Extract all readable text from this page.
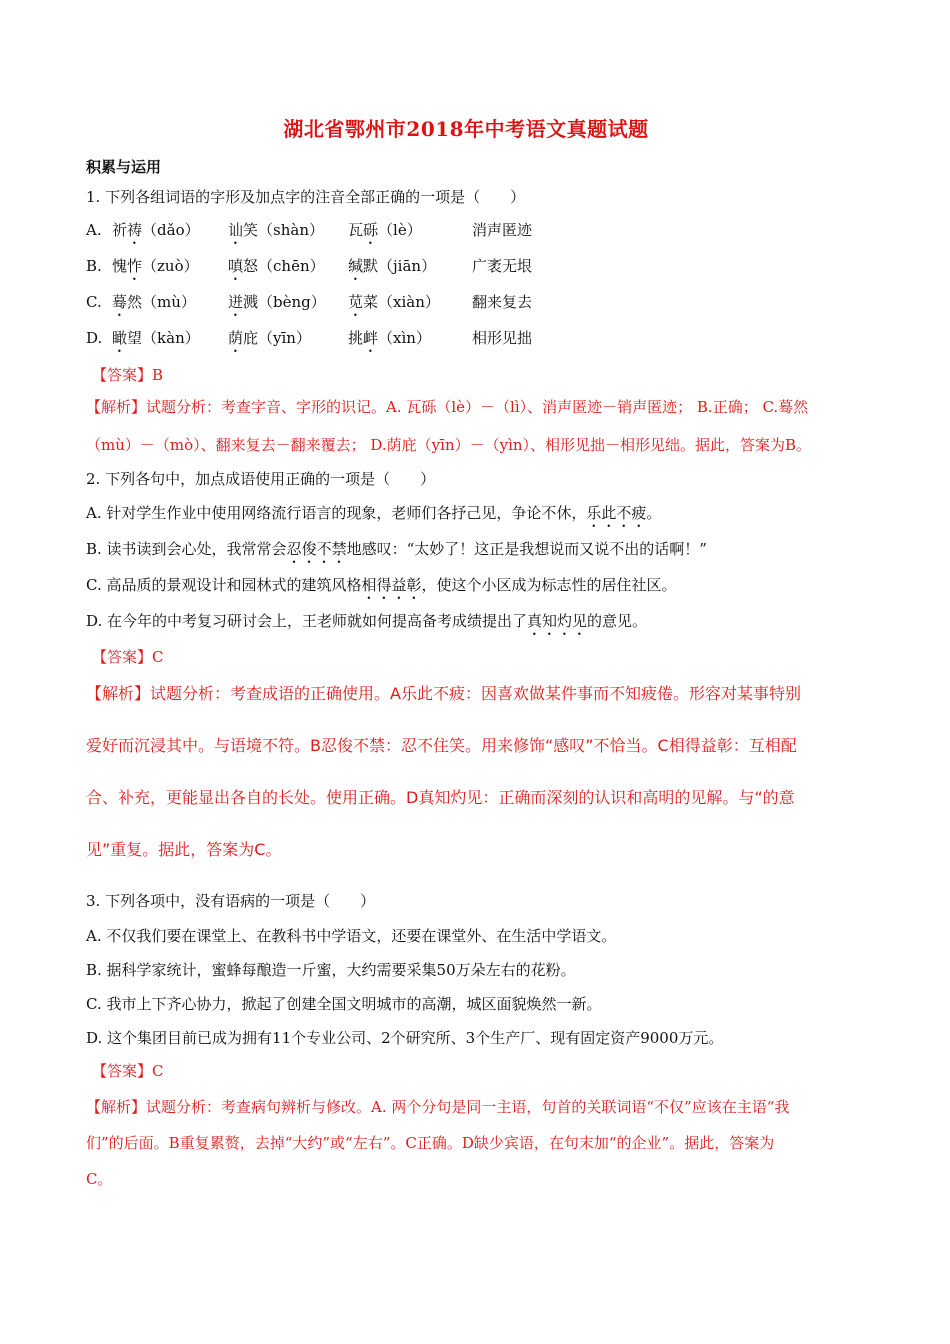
湖北省鄂州市2018年中考语文真题试题
积累与运用
1. 下列各组词语的字形及加点字的注音全部正确的一项是（　　）
A. 祈祷（dǎo） 讪笑（shàn） 瓦砾（lè）	消声匿迹
B. 愧怍（zuò） 嗔怒（chēn） 缄默（jiān） 广袤无垠
C. 蓦然（mù） 迸溅（bèng） 苋菜（xiàn） 翻来复去
D. 瞰望（kàn） 荫庇（yīn） 挑衅（xìn）	相形见拙
【答案】B
【解析】试题分析：考查字音、字形的识记。A. 瓦砾（lè）－（lì）、消声匿迹－销声匿迹； B.正确； C.蓦然
（mù）－（mò）、翻来复去－翻来覆去； D.荫庇（yīn）－（yìn）、相形见拙－相形见绌。据此，答案为B。
2. 下列各句中，加点成语使用正确的一项是（　　）
A. 针对学生作业中使用网络流行语言的现象，老师们各抒己见，争论不休，乐此不疲。
B. 读书读到会心处，我常常会忍俊不禁地感叹：“太妙了！这正是我想说而又说不出的话啊！”
C. 高品质的景观设计和园林式的建筑风格相得益彰，使这个小区成为标志性的居住社区。
D. 在今年的中考复习研讨会上，王老师就如何提高备考成绩提出了真知灼见的意见。
【答案】C
【解析】试题分析：考查成语的正确使用。A乐此不疲：因喜欢做某件事而不知疲倦。形容对某事特别
爱好而沉浸其中。与语境不符。B忍俊不禁：忍不住笑。用来修饰“感叹”不恰当。C相得益彰：互相配
合、补充，更能显出各自的长处。使用正确。D真知灼见：正确而深刻的认识和高明的见解。与“的意
见”重复。据此，答案为C。
3. 下列各项中，没有语病的一项是（　　）
A. 不仅我们要在课堂上、在教科书中学语文，还要在课堂外、在生活中学语文。
B. 据科学家统计，蜜蜂每酿造一斤蜜，大约需要采集50万朵左右的花粉。
C. 我市上下齐心协力，掀起了创建全国文明城市的高潮，城区面貌焕然一新。
D. 这个集团目前已成为拥有11个专业公司、2个研究所、3个生产厂、现有固定资产9000万元。
【答案】C
【解析】试题分析：考查病句辨析与修改。A. 两个分句是同一主语，句首的关联词语“不仅”应该在主语“我
们”的后面。B重复累赘，去掉“大约”或“左右”。C正确。D缺少宾语，在句末加“的企业”。据此，答案为
C。
